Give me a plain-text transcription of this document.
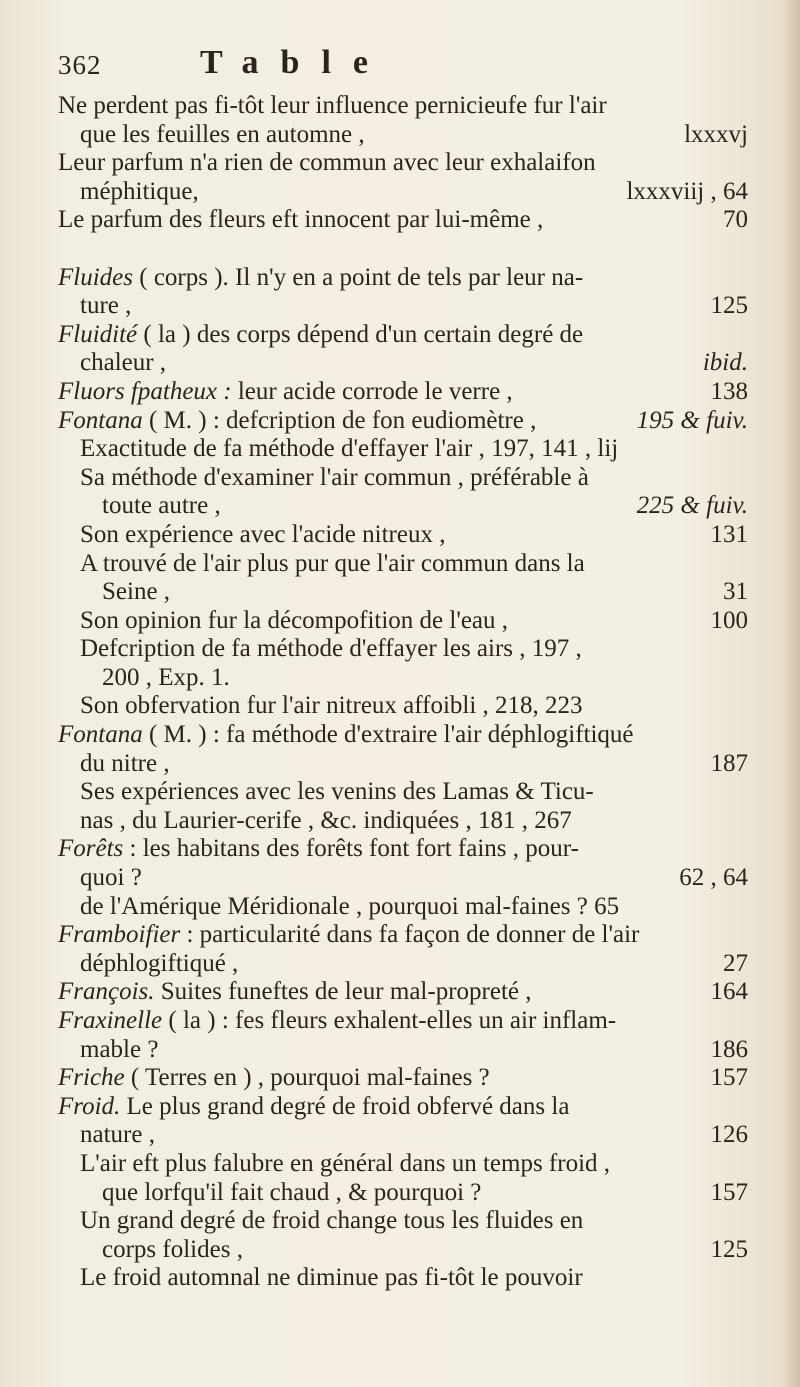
362	Table
Ne perdent pas fi-tôt leur influence pernicieufe fur l'air
que les feuilles en automne ,	lxxxvj
Leur parfum n'a rien de commun avec leur exhalaifon
méphitique,	lxxxviij , 64
Le parfum des fleurs eft innocent par lui-même ,	70
Fluides ( corps ). Il n'y en a point de tels par leur na-
ture ,	125
Fluidité ( la ) des corps dépend d'un certain degré de
chaleur ,	ibid.
Fluors fpatheux : leur acide corrode le verre ,	138
Fontana ( M. ) : defcription de fon eudiomètre ,	195 & fuiv.
Exactitude de fa méthode d'effayer l'air , 197, 141 , lij
Sa méthode d'examiner l'air commun , préférable à
toute autre ,	225 & fuiv.
Son expérience avec l'acide nitreux ,	131
A trouvé de l'air plus pur que l'air commun dans la
Seine ,	31
Son opinion fur la décompofition de l'eau ,	100
Defcription de fa méthode d'effayer les airs , 197 ,
200 , Exp. 1.
Son obfervation fur l'air nitreux affoibli , 218, 223
Fontana ( M. ) : fa méthode d'extraire l'air déphlogiftiqué
du nitre ,	187
Ses expériences avec les venins des Lamas & Ticu-
nas , du Laurier-cerife , &c. indiquées , 181 , 267
Forêts : les habitans des forêts font fort fains , pour-
quoi ?	62 , 64
de l'Amérique Méridionale , pourquoi mal-faines ? 65
Framboifier : particularité dans fa façon de donner de l'air
déphlogiftiqué ,	27
François. Suites funeftes de leur mal-propreté ,	164
Fraxinelle ( la ) : fes fleurs exhalent-elles un air inflam-
mable ?	186
Friche ( Terres en ) , pourquoi mal-faines ?	157
Froid. Le plus grand degré de froid obfervé dans la
nature ,	126
L'air eft plus falubre en général dans un temps froid ,
que lorfqu'il fait chaud , & pourquoi ?	157
Un grand degré de froid change tous les fluides en
corps folides ,	125
Le froid automnal ne diminue pas fi-tôt le pouvoir
